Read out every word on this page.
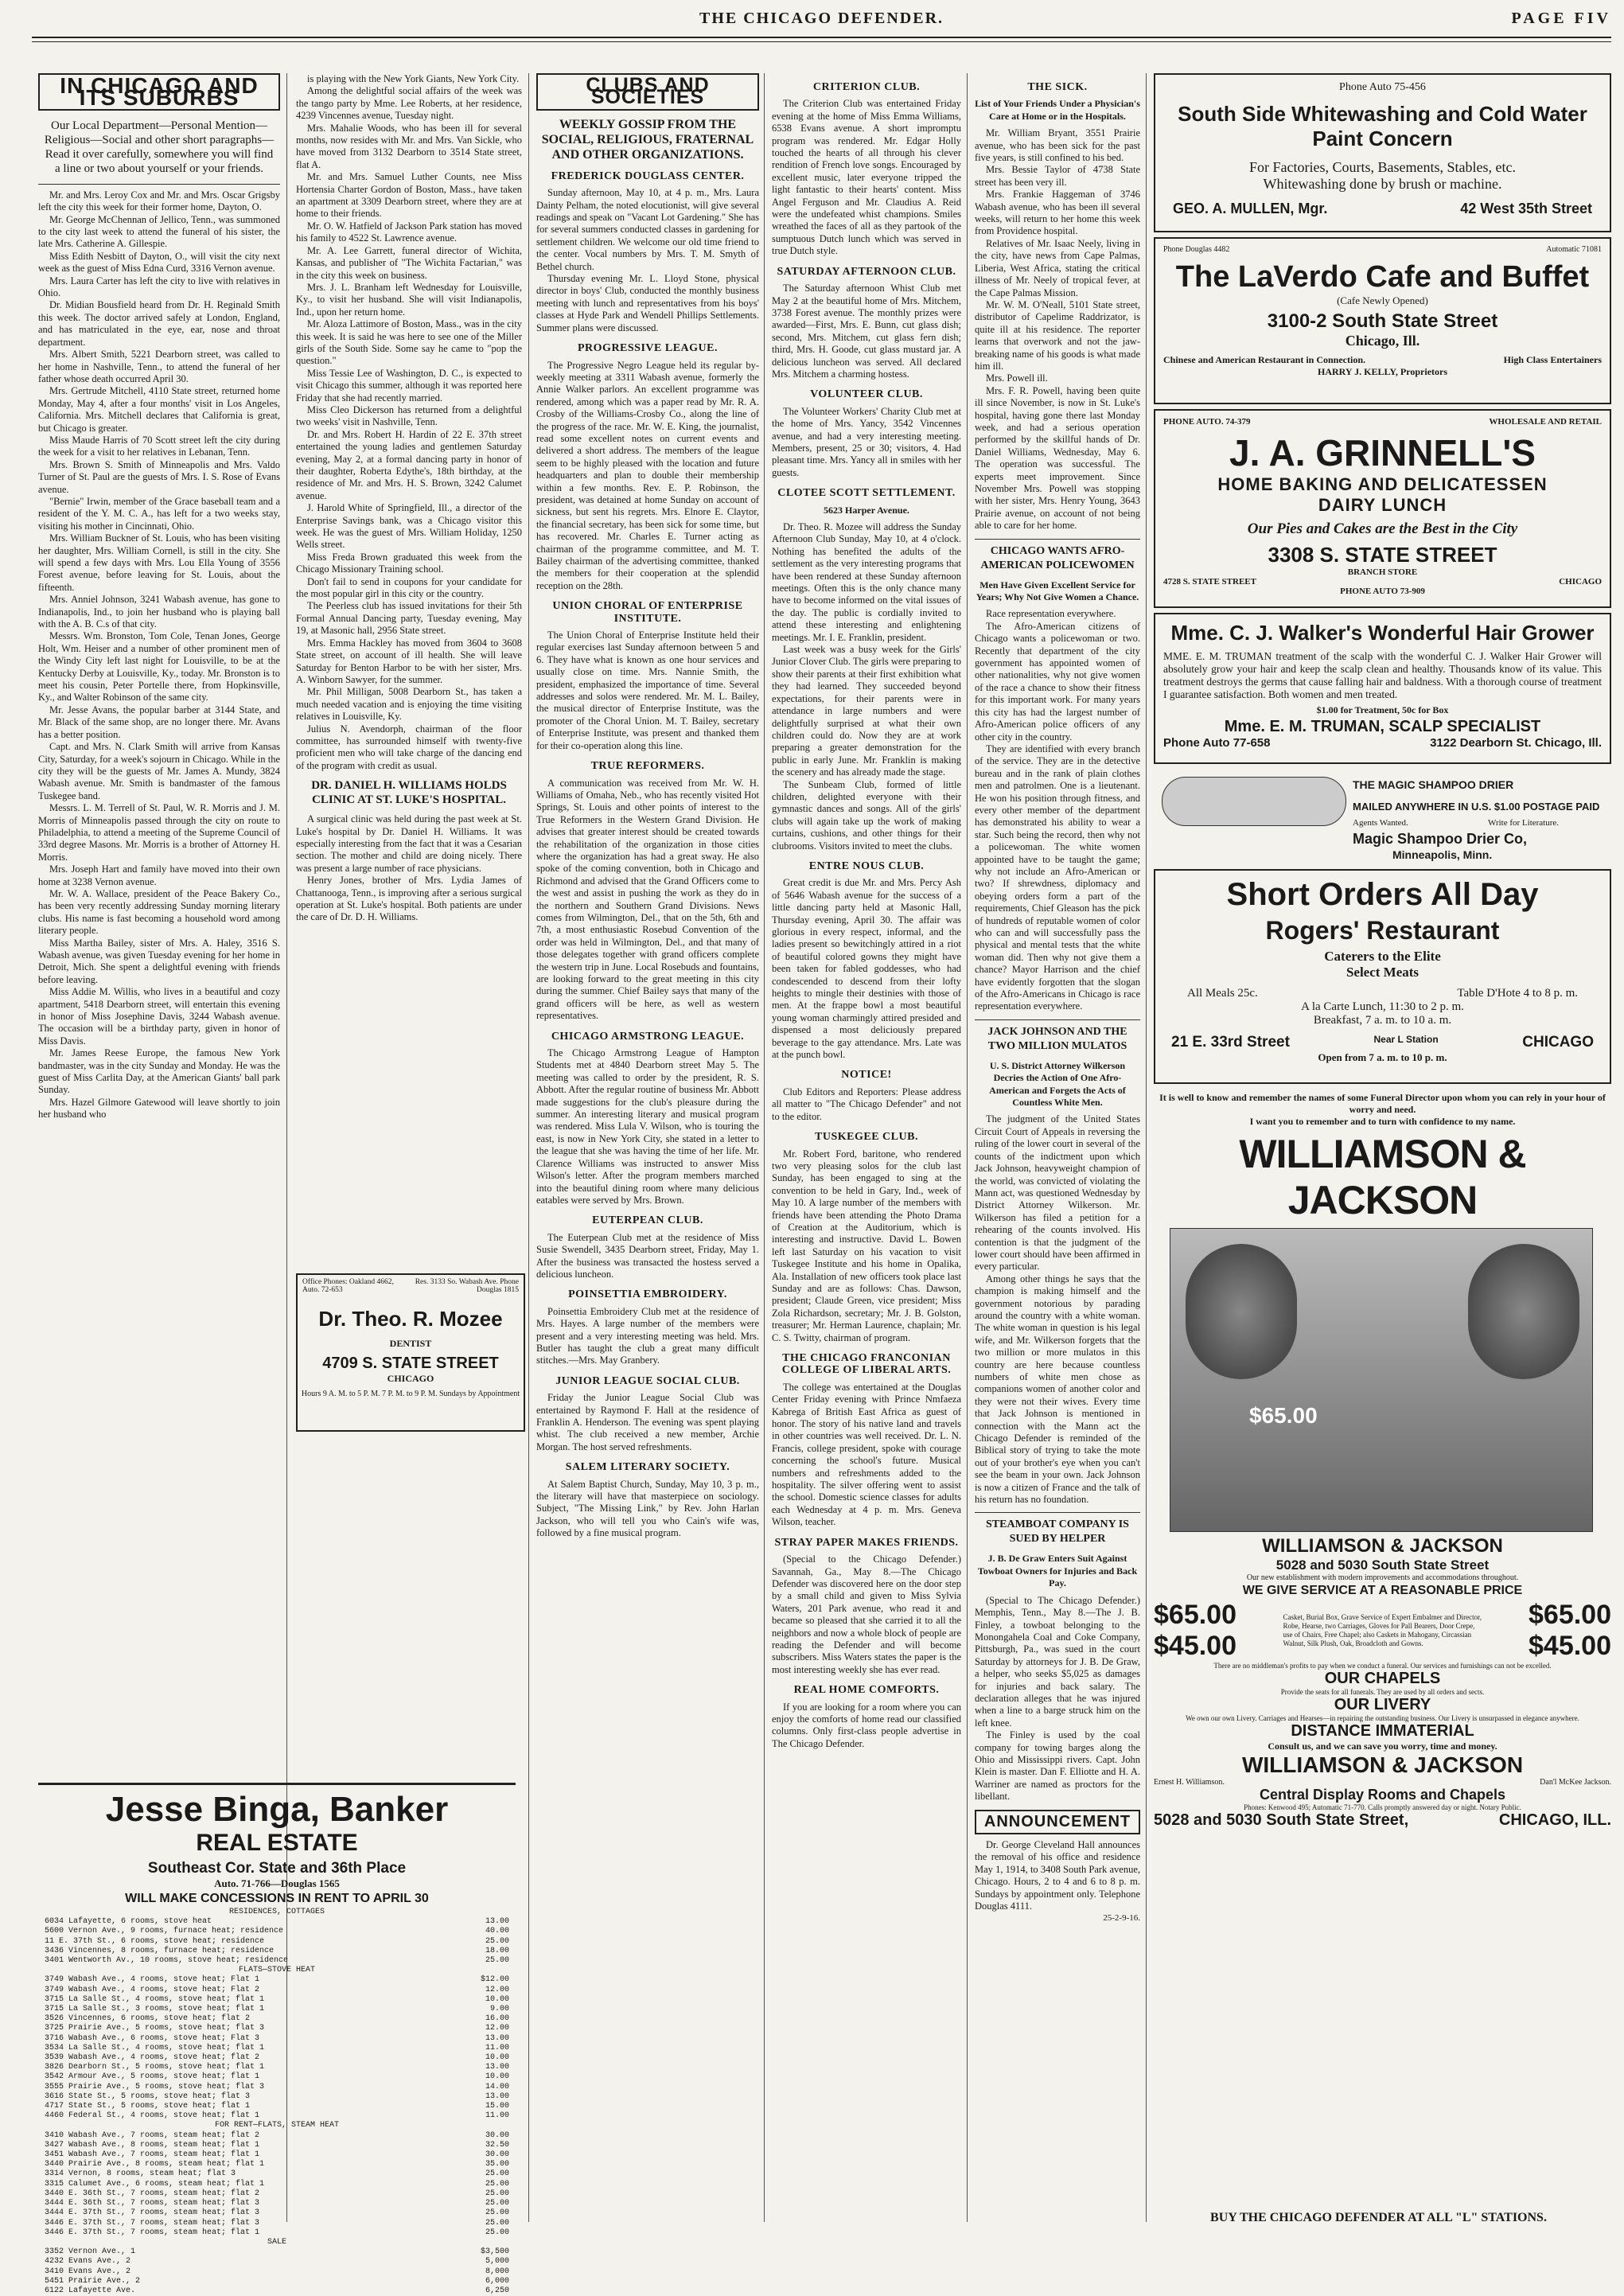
THE CHICAGO DEFENDER.	PAGE FIV
IN CHICAGO AND ITS SUBURBS
Our Local Department—Personal Mention—Religious—Social and other short paragraphs—Read it over carefully, somewhere you will find a line or two about yourself or your friends.

Mr. and Mrs. Leroy Cox and Mr. and Mrs. Oscar Grigsby left the city this week for their former home, Dayton, O.

Mr. George McChennan of Jellico, Tenn., was summoned to the city last week to attend the funeral of his sister, the late Mrs. Catherine A. Gillespie.

Miss Edith Nesbitt of Dayton, O., will visit the city next week as the guest of Miss Edna Curd, 3316 Vernon avenue.

Mrs. Laura Carter has left the city to live with relatives in Ohio.

Dr. Midian Bousfield heard from Dr. H. Reginald Smith this week. The doctor arrived safely at London, England, and has matriculated in the eye, ear, nose and throat department.

Mrs. Albert Smith, 5221 Dearborn street, was called to her home in Nashville, Tenn., to attend the funeral of her father whose death occurred April 30.

Mrs. Gertrude Mitchell, 4110 State street, returned home Monday, May 4, after a four months' visit in Los Angeles, California. Mrs. Mitchell declares that California is great, but Chicago is greater.

Miss Maude Harris of 70 Scott street left the city during the week for a visit to her relatives in Lebanan, Tenn.

Mrs. Brown S. Smith of Minneapolis and Mrs. Valdo Turner of St. Paul are the guests of Mrs. I. S. Rose of Evans avenue.

"Bernie" Irwin, member of the Grace baseball team and a resident of the Y. M. C. A., has left for a two weeks stay, visiting his mother in Cincinnati, Ohio.

Mrs. William Buckner of St. Louis, who has been visiting her daughter, Mrs. William Cornell, is still in the city. She will spend a few days with Mrs. Lou Ella Young of 3556 Forest avenue, before leaving for St. Louis, about the fifteenth.

Mrs. Anniel Johnson, 3241 Wabash avenue, has gone to Indianapolis, Ind., to join her husband who is playing ball with the A. B. C.s of that city.

Messrs. Wm. Bronston, Tom Cole, Tenan Jones, George Holt, Wm. Heiser and a number of other prominent men of the Windy City left last night for Louisville, to be at the Kentucky Derby at Louisville, Ky., today. Mr. Bronston is to meet his cousin, Peter Portelle there, from Hopkinsville, Ky., and Walter Robinson of the same city.

Mr. Jesse Avans, the popular barber at 3144 State, and Mr. Black of the same shop, are no longer there. Mr. Avans has a better position.

Capt. and Mrs. N. Clark Smith will arrive from Kansas City, Saturday, for a week's sojourn in Chicago. While in the city they will be the guests of Mr. James A. Mundy, 3824 Wabash avenue. Mr. Smith is bandmaster of the famous Tuskegee band.

Messrs. L. M. Terrell of St. Paul, W. R. Morris and J. M. Morris of Minneapolis passed through the city on route to Philadelphia, to attend a meeting of the Supreme Council of 33rd degree Masons. Mr. Morris is a brother of Attorney H. Morris.

Mrs. Joseph Hart and family have moved into their own home at 3238 Vernon avenue.

Mr. W. A. Wallace, president of the Peace Bakery Co., has been very recently addressing Sunday morning literary clubs. His name is fast becoming a household word among literary people.

Miss Martha Bailey, sister of Mrs. A. Haley, 3516 S. Wabash avenue, was given Tuesday evening for her home in Detroit, Mich. She spent a delightful evening with friends before leaving.

Miss Addie M. Willis, who lives in a beautiful and cozy apartment, 5418 Dearborn street, will entertain this evening in honor of Miss Josephine Davis, 3244 Wabash avenue. The occasion will be a birthday party, given in honor of Miss Davis.

Mr. James Reese Europe, the famous New York bandmaster, was in the city Sunday and Monday. He was the guest of Miss Carlita Day, at the American Giants' ball park Sunday.

Mrs. Hazel Gilmore Gatewood will leave shortly to join her husband who

is playing with the New York Giants, New York City.

Among the delightful social affairs of the week was the tango party by Mme. Lee Roberts, at her residence, 4239 Vincennes avenue, Tuesday night.

Mrs. Mahalie Woods, who has been ill for several months, now resides with Mr. and Mrs. Van Sickle, who have moved from 3132 Dearborn to 3514 State street, flat A.

Mr. and Mrs. Samuel Luther Counts, nee Miss Hortensia Charter Gordon of Boston, Mass., have taken an apartment at 3309 Dearborn street, where they are at home to their friends.

Mr. O. W. Hatfield of Jackson Park station has moved his family to 4522 St. Lawrence avenue.

Mr. A. Lee Garrett, funeral director of Wichita, Kansas, and publisher of "The Wichita Factarian," was in the city this week on business.

Mrs. J. L. Branham left Wednesday for Louisville, Ky., to visit her husband. She will visit Indianapolis, Ind., upon her return home.

Mr. Aloza Lattimore of Boston, Mass., was in the city this week. It is said he was here to see one of the Miller girls of the South Side. Some say he came to "pop the question."

Miss Tessie Lee of Washington, D. C., is expected to visit Chicago this summer, although it was reported here Friday that she had recently married.

Miss Cleo Dickerson has returned from a delightful two weeks' visit in Nashville, Tenn.

Dr. and Mrs. Robert H. Hardin of 22 E. 37th street entertained the young ladies and gentlemen Saturday evening, May 2, at a formal dancing party in honor of their daughter, Roberta Edythe's, 18th birthday, at the residence of Mr. and Mrs. H. S. Brown, 3242 Calumet avenue.

J. Harold White of Springfield, Ill., a director of the Enterprise Savings bank, was a Chicago visitor this week. He was the guest of Mrs. William Holiday, 1250 Wells street.

Miss Freda Brown graduated this week from the Chicago Missionary Training school.

Don't fail to send in coupons for your candidate for the most popular girl in this city or the country.

The Peerless club has issued invitations for their 5th Formal Annual Dancing party, Tuesday evening, May 19, at Masonic hall, 2956 State street.

Mrs. Emma Hackley has moved from 3604 to 3608 State street, on account of ill health. She will leave Saturday for Benton Harbor to be with her sister, Mrs. A. Winborn Sawyer, for the summer.

Mr. Phil Milligan, 5008 Dearborn St., has taken a much needed vacation and is enjoying the time visiting relatives in Louisville, Ky.

Julius N. Avendorph, chairman of the floor committee, has surrounded himself with twenty-five proficient men who will take charge of the dancing end of the program with credit as usual.

DR. DANIEL H. WILLIAMS HOLDS CLINIC AT ST. LUKE'S HOSPITAL.

A surgical clinic was held during the past week at St. Luke's hospital by Dr. Daniel H. Williams. It was especially interesting from the fact that it was a Cesarian section. The mother and child are doing nicely. There was present a large number of race physicians.

Henry Jones, brother of Mrs. Lydia James of Chattanooga, Tenn., is improving after a serious surgical operation at St. Luke's hospital. Both patients are under the care of Dr. D. H. Williams.

Office Phones: Oakland 4662, Auto. 72-653
Res. 3133 So. Wabash Ave. Phone Douglas 1815
Dr. Theo. R. Mozee
DENTIST
4709 S. STATE STREET
CHICAGO
Hours 9 A. M. to 5 P. M. 7 P. M. to 9 P. M. Sundays by Appointment
Jesse Binga, Banker
REAL ESTATE
Southeast Cor. State and 36th Place
Auto. 71-766—Douglas 1565
WILL MAKE CONCESSIONS IN RENT TO APRIL 30
RESIDENCES, COTTAGES
6034 Lafayette, 6 rooms, stove heat	13.00
5600 Vernon Ave., 9 rooms, furnace heat; residence	40.00
11 E. 37th St., 6 rooms, stove heat; residence	25.00
3436 Vincennes, 8 rooms, furnace heat; residence	18.00
3401 Wentworth Av., 10 rooms, stove heat; residence	25.00
FLATS—STOVE HEAT
3749 Wabash Ave., 4 rooms, stove heat; Flat 1	$12.00
3749 Wabash Ave., 4 rooms, stove heat; Flat 2	12.00
3715 La Salle St., 4 rooms, stove heat; flat 1	10.00
3715 La Salle St., 3 rooms, stove heat; flat 1	9.00
3526 Vincennes, 6 rooms, stove heat; flat 2	16.00
3725 Prairie Ave., 5 rooms, stove heat; flat 3	12.00
3716 Wabash Ave., 6 rooms, stove heat; Flat 3	13.00
3534 La Salle St., 4 rooms, stove heat; flat 1	11.00
3539 Wabash Ave., 4 rooms, stove heat; flat 2	10.00
3826 Dearborn St., 5 rooms, stove heat; flat 1	13.00
3542 Armour Ave., 5 rooms, stove heat; flat 1	10.00
3555 Prairie Ave., 5 rooms, stove heat; flat 3	14.00
3616 State St., 5 rooms, stove heat; flat 3	13.00
4717 State St., 5 rooms, stove heat; flat 1	15.00
4460 Federal St., 4 rooms, stove heat; flat 1	11.00
FOR RENT—FLATS, STEAM HEAT
3410 Wabash Ave., 7 rooms, steam heat; flat 2	30.00
3427 Wabash Ave., 8 rooms, steam heat; flat 1	32.50
3451 Wabash Ave., 7 rooms, steam heat; flat 1	30.00
3440 Prairie Ave., 8 rooms, steam heat; flat 1	35.00
3314 Vernon, 8 rooms, steam heat; flat 3	25.00
3315 Calumet Ave., 6 rooms, steam heat; flat 1	25.00
3440 E. 36th St., 7 rooms, steam heat; flat 2	25.00
3444 E. 36th St., 7 rooms, steam heat; flat 3	25.00
3444 E. 37th St., 7 rooms, steam heat; flat 3	25.00
3446 E. 37th St., 7 rooms, steam heat; flat 3	25.00
3446 E. 37th St., 7 rooms, steam heat; flat 1	25.00
SALE
3352 Vernon Ave., 1	$3,500
4232 Evans Ave., 2	5,000
3410 Evans Ave., 2	8,000
5451 Prairie Ave., 2	6,000
6122 Lafayette Ave.	6,250
CLUBS AND SOCIETIES
WEEKLY GOSSIP FROM THE SOCIAL, RELIGIOUS, FRATERNAL AND OTHER ORGANIZATIONS.
FREDERICK DOUGLASS CENTER.

Sunday afternoon, May 10, at 4 p. m., Mrs. Laura Dainty Pelham, the noted elocutionist, will give several readings and speak on "Vacant Lot Gardening." She has for several summers conducted classes in gardening for settlement children. We welcome our old time friend to the center. Vocal numbers by Mrs. T. M. Smyth of Bethel church.

Thursday evening Mr. L. Lloyd Stone, physical director in boys' Club, conducted the monthly business meeting with lunch and representatives from his boys' classes at Hyde Park and Wendell Phillips Settlements. Summer plans were discussed.

PROGRESSIVE LEAGUE.

The Progressive Negro League held its regular by-weekly meeting at 3311 Wabash avenue, formerly the Annie Walker parlors. An excellent programme was rendered, among which was a paper read by Mr. R. A. Crosby of the Williams-Crosby Co., along the line of the progress of the race. Mr. W. E. King, the journalist, read some excellent notes on current events and delivered a short address. The members of the league seem to be highly pleased with the location and future headquarters and plan to double their membership within a few months. Rev. E. P. Robinson, the president, was detained at home Sunday on account of sickness, but sent his regrets. Mrs. Elnore E. Claytor, the financial secretary, has been sick for some time, but has recovered. Mr. Charles E. Turner acting as chairman of the programme committee, and M. T. Bailey chairman of the advertising committee, thanked the members for their cooperation at the splendid reception on the 28th.

UNION CHORAL OF ENTERPRISE INSTITUTE.

The Union Choral of Enterprise Institute held their regular exercises last Sunday afternoon between 5 and 6. They have what is known as one hour services and usually close on time. Mrs. Nannie Smith, the president, emphasized the importance of time. Several addresses and solos were rendered. Mr. M. L. Bailey, the musical director of Enterprise Institute, was the promoter of the Choral Union. M. T. Bailey, secretary of Enterprise Institute, was present and thanked them for their co-operation along this line.

TRUE REFORMERS.

A communication was received from Mr. W. H. Williams of Omaha, Neb., who has recently visited Hot Springs, St. Louis and other points of interest to the True Reformers in the Western Grand Division. He advises that greater interest should be created towards the rehabilitation of the organization in those cities where the organization has had a great sway. He also spoke of the coming convention, both in Chicago and Richmond and advised that the Grand Officers come to the west and assist in pushing the work as they do in the northern and Southern Grand Divisions. News comes from Wilmington, Del., that on the 5th, 6th and 7th, a most enthusiastic Rosebud Convention of the order was held in Wilmington, Del., and that many of those delegates together with grand officers complete the western trip in June. Local Rosebuds and fountains, are looking forward to the great meeting in this city during the summer. Chief Bailey says that many of the grand officers will be here, as well as western representatives.

CHICAGO ARMSTRONG LEAGUE.

The Chicago Armstrong League of Hampton Students met at 4840 Dearborn street May 5. The meeting was called to order by the president, R. S. Abbott. After the regular routine of business Mr. Abbott made suggestions for the club's pleasure during the summer. An interesting literary and musical program was rendered. Miss Lula V. Wilson, who is touring the east, is now in New York City, she stated in a letter to the league that she was having the time of her life. Mr. Clarence Williams was instructed to answer Miss Wilson's letter. After the program members marched into the beautiful dining room where many delicious eatables were served by Mrs. Brown.

EUTERPEAN CLUB.

The Euterpean Club met at the residence of Miss Susie Swendell, 3435 Dearborn street, Friday, May 1. After the business was transacted the hostess served a delicious luncheon.

POINSETTIA EMBROIDERY.

Poinsettia Embroidery Club met at the residence of Mrs. Hayes. A large number of the members were present and a very interesting meeting was held. Mrs. Butler has taught the club a great many difficult stitches.—Mrs. May Granbery.

JUNIOR LEAGUE SOCIAL CLUB.

Friday the Junior League Social Club was entertained by Raymond F. Hall at the residence of Franklin A. Henderson. The evening was spent playing whist. The club received a new member, Archie Morgan. The host served refreshments.

SALEM LITERARY SOCIETY.

At Salem Baptist Church, Sunday, May 10, 3 p. m., the literary will have that masterpiece on sociology. Subject, "The Missing Link," by Rev. John Harlan Jackson, who will tell you who Cain's wife was, followed by a fine musical program.

CRITERION CLUB.

The Criterion Club was entertained Friday evening at the home of Miss Emma Williams, 6538 Evans avenue. A short impromptu program was rendered. Mr. Edgar Holly touched the hearts of all through his clever rendition of French love songs. Encouraged by excellent music, later everyone tripped the light fantastic to their hearts' content. Miss Angel Ferguson and Mr. Claudius A. Reid were the undefeated whist champions. Smiles wreathed the faces of all as they partook of the sumptuous Dutch lunch which was served in true Dutch style.

SATURDAY AFTERNOON CLUB.

The Saturday afternoon Whist Club met May 2 at the beautiful home of Mrs. Mitchem, 3738 Forest avenue. The monthly prizes were awarded—First, Mrs. E. Bunn, cut glass dish; second, Mrs. Mitchem, cut glass fern dish; third, Mrs. H. Goode, cut glass mustard jar. A delicious luncheon was served. All declared Mrs. Mitchem a charming hostess.

VOLUNTEER CLUB.

The Volunteer Workers' Charity Club met at the home of Mrs. Yancy, 3542 Vincennes avenue, and had a very interesting meeting. Members, present, 25 or 30; visitors, 4. Had pleasant time. Mrs. Yancy all in smiles with her guests.

CLOTEE SCOTT SETTLEMENT.
5623 Harper Avenue.

Dr. Theo. R. Mozee will address the Sunday Afternoon Club Sunday, May 10, at 4 o'clock. Nothing has benefited the adults of the settlement as the very interesting programs that have been rendered at these Sunday afternoon meetings. Often this is the only chance many have to become informed on the vital issues of the day. The public is cordially invited to attend these interesting and enlightening meetings. Mr. I. E. Franklin, president.

Last week was a busy week for the Girls' Junior Clover Club. The girls were preparing to show their parents at their first exhibition what they had learned. They succeeded beyond expectations, for their parents were in attendance in large numbers and were delightfully surprised at what their own children could do. Now they are at work preparing a greater demonstration for the public in early June. Mr. Franklin is making the scenery and has already made the stage.

The Sunbeam Club, formed of little children, delighted everyone with their gymnastic dances and songs. All of the girls' clubs will again take up the work of making curtains, cushions, and other things for their clubrooms. Visitors invited to meet the clubs.

ENTRE NOUS CLUB.

Great credit is due Mr. and Mrs. Percy Ash of 5646 Wabash avenue for the success of a little dancing party held at Masonic Hall, Thursday evening, April 30. The affair was glorious in every respect, informal, and the ladies present so bewitchingly attired in a riot of beautiful colored gowns they might have been taken for fabled goddesses, who had condescended to descend from their lofty heights to mingle their destinies with those of men. At the frappe bowl a most beautiful young woman charmingly attired presided and dispensed a most deliciously prepared beverage to the gay attendance. Mrs. Late was at the punch bowl.

NOTICE!

Club Editors and Reporters: Please address all matter to "The Chicago Defender" and not to the editor.

TUSKEGEE CLUB.

Mr. Robert Ford, baritone, who rendered two very pleasing solos for the club last Sunday, has been engaged to sing at the convention to be held in Gary, Ind., week of May 10. A large number of the members with friends have been attending the Photo Drama of Creation at the Auditorium, which is interesting and instructive. David L. Bowen left last Saturday on his vacation to visit Tuskegee Institute and his home in Opalika, Ala. Installation of new officers took place last Sunday and are as follows: Chas. Dawson, president; Claude Green, vice president; Miss Zola Richardson, secretary; Mr. J. B. Golston, treasurer; Mr. Herman Laurence, chaplain; Mr. C. S. Twitty, chairman of program.

THE CHICAGO FRANCONIAN COLLEGE OF LIBERAL ARTS.

The college was entertained at the Douglas Center Friday evening with Prince Nmfaeza Kabrega of British East Africa as guest of honor. The story of his native land and travels in other countries was well received. Dr. L. N. Francis, college president, spoke with courage concerning the school's future. Musical numbers and refreshments added to the hospitality. The silver offering went to assist the school. Domestic science classes for adults each Wednesday at 4 p. m. Mrs. Geneva Wilson, teacher.

STRAY PAPER MAKES FRIENDS.

(Special to the Chicago Defender.) Savannah, Ga., May 8.—The Chicago Defender was discovered here on the door step by a small child and given to Miss Sylvia Waters, 201 Park avenue, who read it and became so pleased that she carried it to all the neighbors and now a whole block of people are reading the Defender and will become subscribers. Miss Waters states the paper is the most interesting weekly she has ever read.

REAL HOME COMFORTS.

If you are looking for a room where you can enjoy the comforts of home read our classified columns. Only first-class people advertise in The Chicago Defender.

THE SICK.
List of Your Friends Under a Physician's Care at Home or in the Hospitals.

Mr. William Bryant, 3551 Prairie avenue, who has been sick for the past five years, is still confined to his bed.

Mrs. Bessie Taylor of 4738 State street has been very ill.

Mrs. Frankie Haggeman of 3746 Wabash avenue, who has been ill several weeks, will return to her home this week from Providence hospital.

Relatives of Mr. Isaac Neely, living in the city, have news from Cape Palmas, Liberia, West Africa, stating the critical illness of Mr. Neely of tropical fever, at the Cape Palmas Mission.

Mr. W. M. O'Neall, 5101 State street, distributor of Capelime Raddrizator, is quite ill at his residence. The reporter learns that overwork and not the jaw-breaking name of his goods is what made him ill.

Mrs. Powell ill.

Mrs. F. R. Powell, having been quite ill since November, is now in St. Luke's hospital, having gone there last Monday week, and had a serious operation performed by the skillful hands of Dr. Daniel Williams, Wednesday, May 6. The operation was successful. The experts meet improvement. Since November Mrs. Powell was stopping with her sister, Mrs. Henry Young, 3643 Prairie avenue, on account of not being able to care for her home.

CHICAGO WANTS AFRO-AMERICAN POLICEWOMEN
Men Have Given Excellent Service for Years; Why Not Give Women a Chance.

Race representation everywhere.

The Afro-American citizens of Chicago wants a policewoman or two. Recently that department of the city government has appointed women of other nationalities, why not give women of the race a chance to show their fitness for this important work. For many years this city has had the largest number of Afro-American police officers of any other city in the country.

They are identified with every branch of the service. They are in the detective bureau and in the rank of plain clothes men and patrolmen. One is a lieutenant. He won his position through fitness, and every other member of the department has demonstrated his ability to wear a star. Such being the record, then why not a policewoman. The white women appointed have to be taught the game; why not include an Afro-American or two? If shrewdness, diplomacy and obeying orders form a part of the requirements, Chief Gleason has the pick of hundreds of reputable women of color who can and will successfully pass the physical and mental tests that the white woman did. Then why not give them a chance? Mayor Harrison and the chief have evidently forgotten that the slogan of the Afro-Americans in Chicago is race representation everywhere.

JACK JOHNSON AND THE TWO MILLION MULATOS
U. S. District Attorney Wilkerson Decries the Action of One Afro-American and Forgets the Acts of Countless White Men.

The judgment of the United States Circuit Court of Appeals in reversing the ruling of the lower court in several of the counts of the indictment upon which Jack Johnson, heavyweight champion of the world, was convicted of violating the Mann act, was questioned Wednesday by District Attorney Wilkerson. Mr. Wilkerson has filed a petition for a rehearing of the counts involved. His contention is that the judgment of the lower court should have been affirmed in every particular.

Among other things he says that the champion is making himself and the government notorious by parading around the country with a white woman. The white woman in question is his legal wife, and Mr. Wilkerson forgets that the two million or more mulatos in this country are here because countless numbers of white men chose as companions women of another color and they were not their wives. Every time that Jack Johnson is mentioned in connection with the Mann act the Chicago Defender is reminded of the Biblical story of trying to take the mote out of your brother's eye when you can't see the beam in your own. Jack Johnson is now a citizen of France and the talk of his return has no foundation.

STEAMBOAT COMPANY IS SUED BY HELPER
J. B. De Graw Enters Suit Against Towboat Owners for Injuries and Back Pay.

(Special to The Chicago Defender.) Memphis, Tenn., May 8.—The J. B. Finley, a towboat belonging to the Monongahela Coal and Coke Company, Pittsburgh, Pa., was sued in the court Saturday by attorneys for J. B. De Graw, a helper, who seeks $5,025 as damages for injuries and back salary. The declaration alleges that he was injured when a line to a barge struck him on the left knee.

The Finley is used by the coal company for towing barges along the Ohio and Mississippi rivers. Capt. John Klein is master. Dan F. Elliotte and H. A. Warriner are named as proctors for the libellant.

ANNOUNCEMENT

Dr. George Cleveland Hall announces the removal of his office and residence May 1, 1914, to 3408 South Park avenue, Chicago. Hours, 2 to 4 and 6 to 8 p. m. Sundays by appointment only. Telephone Douglas 4111.

25-2-9-16.
Phone Auto 75-456
South Side Whitewashing and Cold Water Paint Concern
For Factories, Courts, Basements, Stables, etc.
Whitewashing done by brush or machine.
GEO. A. MULLEN, Mgr.	42 West 35th Street
Phone Douglas 4482	Automatic 71081
The LaVerdo Cafe and Buffet
(Cafe Newly Opened)
3100-2 South State Street
Chicago, Ill.
Chinese and American Restaurant in Connection.	High Class Entertainers
HARRY J. KELLY, Proprietors
PHONE AUTO. 74-379	WHOLESALE AND RETAIL
J. A. GRINNELL'S
HOME BAKING AND DELICATESSEN
DAIRY LUNCH
Our Pies and Cakes are the Best in the City
3308 S. STATE STREET
BRANCH STORE
4728 S. STATE STREET	CHICAGO
PHONE AUTO 73-909
Mme. C. J. Walker's Wonderful Hair Grower
MME. E. M. TRUMAN treatment of the scalp with the wonderful C. J. Walker Hair Grower will absolutely grow your hair and keep the scalp clean and healthy. Thousands know of its value. This treatment destroys the germs that cause falling hair and baldness. With a thorough course of treatment I guarantee satisfaction. Both women and men treated.
$1.00 for Treatment, 50c for Box
Mme. E. M. TRUMAN, SCALP SPECIALIST
Phone Auto 77-658	3122 Dearborn St. Chicago, Ill.
THE MAGIC SHAMPOO DRIER
MAILED ANYWHERE IN U.S. $1.00 POSTAGE PAID
Agents Wanted.	Write for Literature.
Magic Shampoo Drier Co,
Minneapolis, Minn.
Short Orders All Day
Rogers' Restaurant
Caterers to the Elite
Select Meats
All Meals 25c.	Table D'Hote 4 to 8 p. m.
A la Carte Lunch, 11:30 to 2 p. m.
Breakfast, 7 a. m. to 10 a. m.
21 E. 33rd Street	Near L Station	CHICAGO
Open from 7 a. m. to 10 p. m.
It is well to know and remember the names of some Funeral Director upon whom you can rely in your hour of worry and need.
I want you to remember and to turn with confidence to my name.
WILLIAMSON & JACKSON
$65.00
WILLIAMSON & JACKSON
5028 and 5030 South State Street
Our new establishment with modern improvements and accommodations throughout.
WE GIVE SERVICE AT A REASONABLE PRICE
$65.00
$45.00
Casket, Burial Box, Grave Service of Expert Embalmer and Director, Robe, Hearse, two Carriages, Gloves for Pall Bearers, Door Crepe, use of Chairs, Free Chapel; also Caskets in Mahogany, Circassian Walnut, Silk Plush, Oak, Broadcloth and Gowns.
$65.00
$45.00
There are no middleman's profits to pay when we conduct a funeral. Our services and furnishings can not be excelled.
OUR CHAPELS
Provide the seats for all funerals. They are used by all orders and sects.
OUR LIVERY
We own our own Livery. Carriages and Hearses—in repairing the outstanding business. Our Livery is unsurpassed in elegance anywhere.
DISTANCE IMMATERIAL
Consult us, and we can save you worry, time and money.
WILLIAMSON & JACKSON
Ernest H. Williamson.	Dan'l McKee Jackson.
Central Display Rooms and Chapels
Phones: Kenwood 495; Automatic 71-770. Calls promptly answered day or night. Notary Public.
5028 and 5030 South State Street,	CHICAGO, ILL.
BUY THE CHICAGO DEFENDER AT ALL "L" STATIONS.
